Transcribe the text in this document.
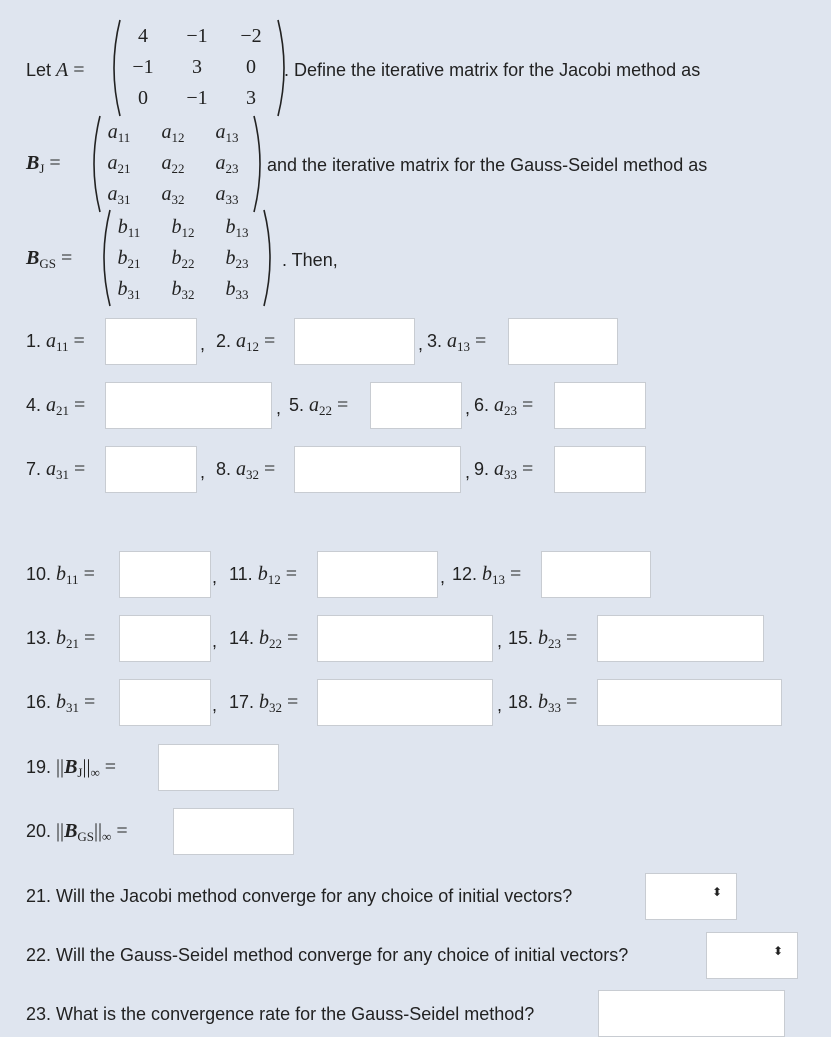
Let A =
4	−1	−2
−1	3	0
0	−1	3
. Define the iterative matrix for the Jacobi method as
$B_J$ =
$a_{11}$	$a_{12}$	$a_{13}$
$a_{21}$	$a_{22}$	$a_{23}$
$a_{31}$	$a_{32}$	$a_{33}$
and the iterative matrix for the Gauss-Seidel method as
$B_{GS}$ =
$b_{11}$	$b_{12}$	$b_{13}$
$b_{21}$	$b_{22}$	$b_{23}$
$b_{31}$	$b_{32}$	$b_{33}$
. Then,
1. $a_{11}$ =	, 2. $a_{12}$ =	, 3. $a_{13}$ =
4. $a_{21}$ =	, 5. $a_{22}$ =	, 6. $a_{23}$ =
7. $a_{31}$ =	, 8. $a_{32}$ =	, 9. $a_{33}$ =
10. $b_{11}$ =	, 11. $b_{12}$ =	, 12. $b_{13}$ =
13. $b_{21}$ =	, 14. $b_{22}$ =	, 15. $b_{23}$ =
16. $b_{31}$ =	, 17. $b_{32}$ =	, 18. $b_{33}$ =
19. $||B_J||_\infty$ =
20. $||B_{GS}||_\infty$ =
21. Will the Jacobi method converge for any choice of initial vectors?	⬍
22. Will the Gauss-Seidel method converge for any choice of initial vectors?	⬍
23. What is the convergence rate for the Gauss-Seidel method?
